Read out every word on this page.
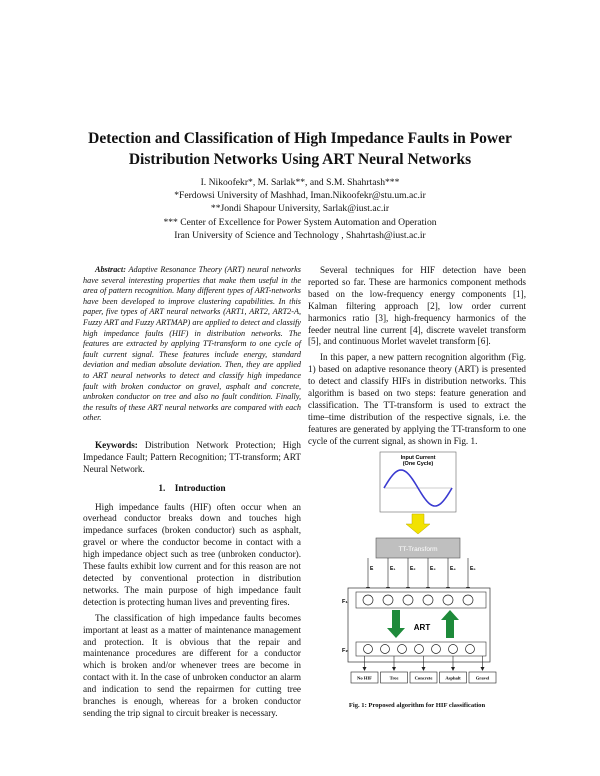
Detection and Classification of High Impedance Faults in Power Distribution Networks Using ART Neural Networks
I. Nikoofekr*, M. Sarlak**, and S.M. Shahrtash***
*Ferdowsi University of Mashhad, Iman.Nikoofekr@stu.um.ac.ir
**Jondi Shapour University, Sarlak@iust.ac.ir
*** Center of Excellence for Power System Automation and Operation
Iran University of Science and Technology , Shahrtash@iust.ac.ir

Abstract: Adaptive Resonance Theory (ART) neural networks have several interesting properties that make them useful in the area of pattern recognition. Many different types of ART-networks have been developed to improve clustering capabilities. In this paper, five types of ART neural networks (ART1, ART2, ART2-A, Fuzzy ART and Fuzzy ARTMAP) are applied to detect and classify high impedance faults (HIF) in distribution networks. The features are extracted by applying TT-transform to one cycle of fault current signal. These features include energy, standard deviation and median absolute deviation. Then, they are applied to ART neural networks to detect and classify high impedance fault with broken conductor on gravel, asphalt and concrete, unbroken conductor on tree and also no fault condition. Finally, the results of these ART neural networks are compared with each other.

Keywords: Distribution Network Protection; High Impedance Fault; Pattern Recognition; TT-transform; ART Neural Network.

1.    Introduction

High impedance faults (HIF) often occur when an overhead conductor breaks down and touches high impedance surfaces (broken conductor) such as asphalt, gravel or where the conductor become in contact with a high impedance object such as tree (unbroken conductor). These faults exhibit low current and for this reason are not detected by conventional protection in distribution networks. The main purpose of high impedance fault detection is protecting human lives and preventing fires.

The classification of high impedance faults becomes important at least as a matter of maintenance management and protection. It is obvious that the repair and maintenance procedures are different for a conductor which is broken and/or whenever trees are become in contact with it. In the case of unbroken conductor an alarm and indication to send the repairmen for cutting tree branches is enough, whereas for a broken conductor sending the trip signal to circuit breaker is necessary.

Several techniques for HIF detection have been reported so far. These are harmonics component methods based on the low-frequency energy components [1], Kalman filtering approach [2], low order current harmonics ratio [3], high-frequency harmonics of the feeder neutral line current [4], discrete wavelet transform [5], and continuous Morlet wavelet transform [6].

In this paper, a new pattern recognition algorithm (Fig. 1) based on adaptive resonance theory (ART) is presented to detect and classify HIFs in distribution networks. This algorithm is based on two steps: feature generation and classification. The TT-transform is used to extract the time–time distribution of the respective signals, i.e. the features are generated by applying the TT-transform to one cycle of the current signal, as shown in Fig. 1.

Input Current
(One Cycle)
TT-Transform
E	E₁	E₂	E₃	E₄	E₅
F₁
F₂
ART
No HIF	Tree	Concrete	Asphalt	Gravel
Fig. 1: Proposed algorithm for HIF classification
